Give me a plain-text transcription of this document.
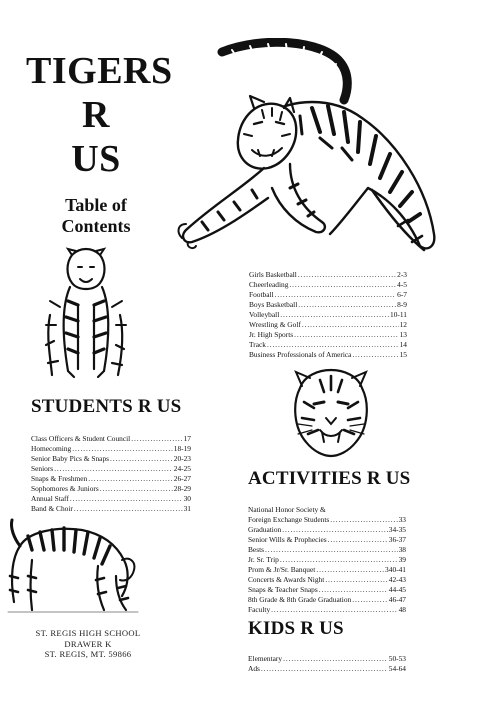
TIGERS
R
US
Table of
Contents
Girls Basketball .....	2-3
Cheerleading .....	4-5
Football .....	6-7
Boys Basketball .....	8-9
Volleyball .....	10-11
Wrestling & Golf .....	12
Jr. High Sports .....	13
Track .....	14
Business Professionals of America .....	15
STUDENTS R US
Class Officers & Student Council .....	17
Homecoming .....	18-19
Senior Baby Pics & Snaps .....	20-23
Seniors .....	24-25
Snaps & Freshmen .....	26-27
Sophomores & Juniors .....	28-29
Annual Staff .....	30
Band & Choir .....	31
ACTIVITIES R US
National Honor Society &
Foreign Exchange Students .....	33
Graduation .....	34-35
Senior Wills & Prophecies .....	36-37
Bests .....	38
Jr. Sr. Trip .....	39
Prom & Jr/Sr. Banquet .....	340-41
Concerts & Awards Night .....	42-43
Snaps & Teacher Snaps .....	44-45
8th Grade & 8th Grade Graduation .....	46-47
Faculty .....	48
ST. REGIS HIGH SCHOOL
DRAWER K
ST. REGIS, MT. 59866
KIDS R US
Elementary .....	50-53
Ads .....	54-64
